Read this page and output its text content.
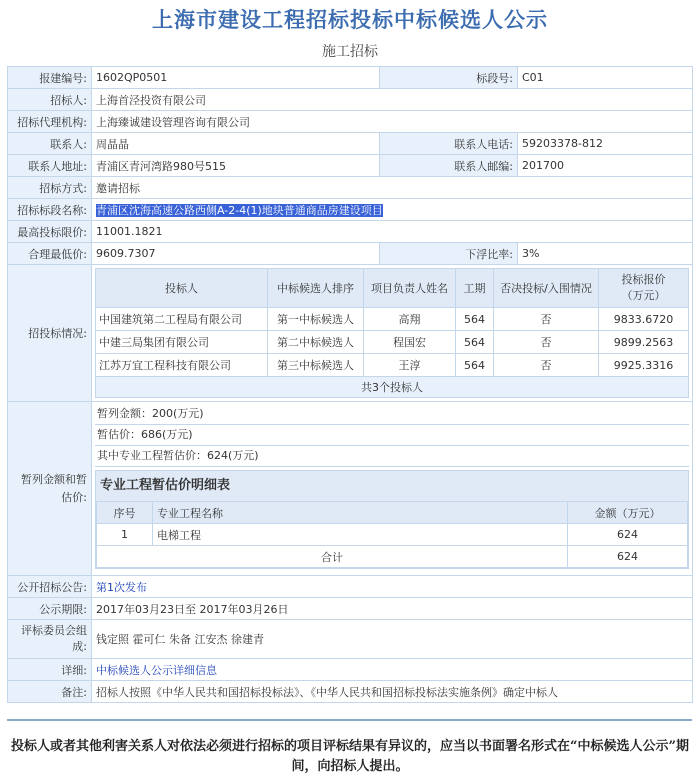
上海市建设工程招标投标中标候选人公示
施工招标
报建编号:	1602QP0501	标段号:	C01
招标人:	上海首泾投资有限公司
招标代理机构:	上海臻诚建设管理咨询有限公司
联系人:	周晶晶	联系人电话:	59203378-812
联系人地址:	青浦区青河湾路980号515	联系人邮编:	201700
招标方式:	邀请招标
招标标段名称:	青浦区沈海高速公路西侧A-2-4(1)地块普通商品房建设项目
最高投标限价:	11001.1821
合理最低价:	9609.7307	下浮比率:	3%
招投标情况:	
投标人	中标候选人排序	项目负责人姓名	工期	否决投标/入围情况	投标报价
（万元）
中国建筑第二工程局有限公司	第一中标候选人	高翔	564	否	9833.6720
中建三局集团有限公司	第二中标候选人	程国宏	564	否	9899.2563
江苏万宜工程科技有限公司	第三中标候选人	王淳	564	否	9925.3316
共3个投标人

暂列金额和暂估价:	
暂列金额：200(万元)
暂估价：686(万元)
其中专业工程暂估价：624(万元)
专业工程暂估价明细表
序号	专业工程名称	金额（万元）
1	电梯工程	624
合计	624

公开招标公告:	第1次发布
公示期限:	2017年03月23日至 2017年03月26日
评标委员会组成:	钱定照 霍可仁 朱备 江安杰 徐建青
详细:	中标候选人公示详细信息
备注:	招标人按照《中华人民共和国招标投标法》、《中华人民共和国招标投标法实施条例》确定中标人
投标人或者其他利害关系人对依法必须进行招标的项目评标结果有异议的，应当以书面署名形式在“中标候选人公示”期间，向招标人提出。
